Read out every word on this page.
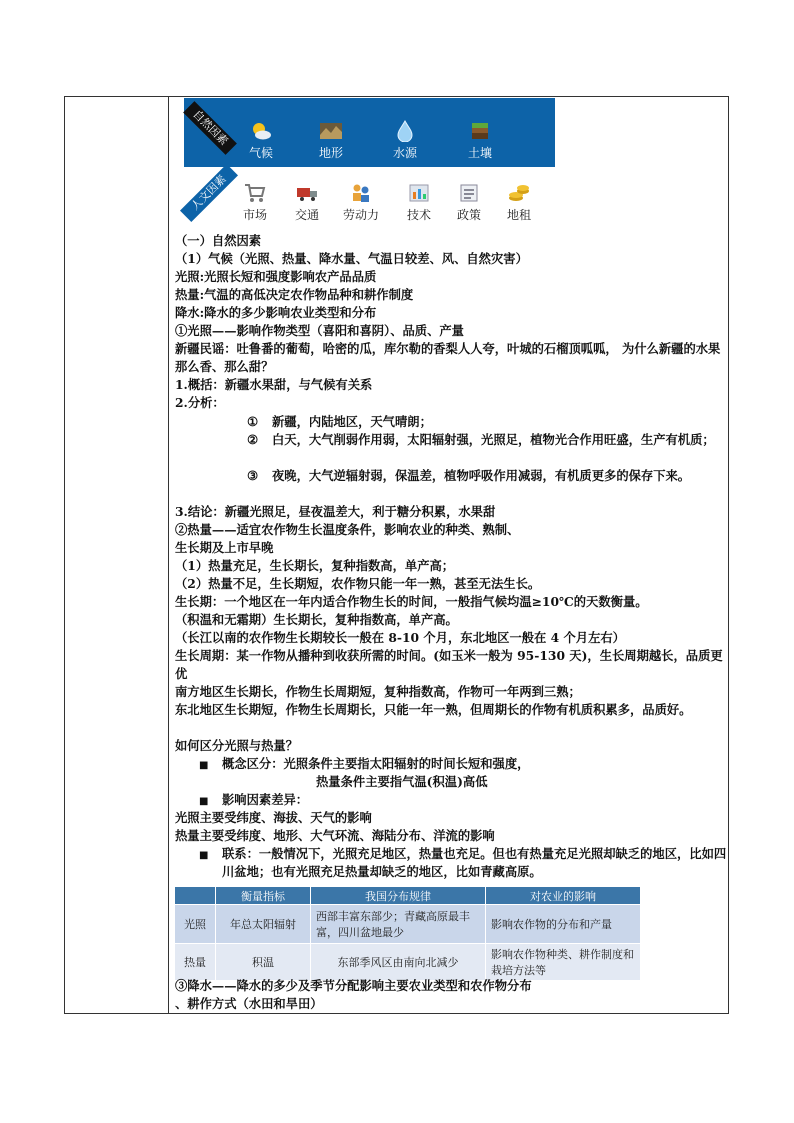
自然因素
人文因素
气候	地形	水源	土壤
市场	交通	劳动力	技术	政策	地租
（一）自然因素
（1）气候（光照、热量、降水量、气温日较差、风、自然灾害）
光照:光照长短和强度影响农产品品质
热量:气温的高低决定农作物品种和耕作制度
降水:降水的多少影响农业类型和分布
①光照——影响作物类型（喜阳和喜阴）、品质、产量
新疆民谣：吐鲁番的葡萄，哈密的瓜，库尔勒的香梨人人夸，叶城的石榴顶呱呱， 为什么新疆的水果那么香、那么甜？
1.概括：新疆水果甜，与气候有关系
2.分析：
① 新疆，内陆地区，天气晴朗；
② 白天，大气削弱作用弱，太阳辐射强，光照足，植物光合作用旺盛，生产有机质；
③ 夜晚，大气逆辐射弱，保温差，植物呼吸作用减弱，有机质更多的保存下来。
3.结论：新疆光照足，昼夜温差大，利于糖分积累，水果甜
②热量——适宜农作物生长温度条件，影响农业的种类、熟制、
生长期及上市早晚
（1）热量充足，生长期长，复种指数高，单产高；
（2）热量不足，生长期短，农作物只能一年一熟，甚至无法生长。
生长期：一个地区在一年内适合作物生长的时间，一般指气候均温≥10℃的天数衡量。
（积温和无霜期）生长期长，复种指数高，单产高。
（长江以南的农作物生长期较长一般在 8-10 个月，东北地区一般在 4 个月左右）
生长周期：某一作物从播种到收获所需的时间。(如玉米一般为 95-130 天)，生长周期越长，品质更优
南方地区生长期长，作物生长周期短，复种指数高，作物可一年两到三熟；
东北地区生长期短，作物生长周期长，只能一年一熟，但周期长的作物有机质积累多，品质好。
如何区分光照与热量？
■ 概念区分：光照条件主要指太阳辐射的时间长短和强度，
热量条件主要指气温(积温)高低
■ 影响因素差异：
光照主要受纬度、海拔、天气的影响
热量主要受纬度、地形、大气环流、海陆分布、洋流的影响
■ 联系：一般情况下，光照充足地区，热量也充足。但也有热量充足光照却缺乏的地区，比如四川盆地；也有光照充足热量却缺乏的地区，比如青藏高原。
	衡量指标	我国分布规律	对农业的影响
光照	年总太阳辐射	西部丰富东部少；青藏高原最丰富，四川盆地最少	影响农作物的分布和产量
热量	积温	东部季风区由南向北减少	影响农作物种类、耕作制度和栽培方法等
③降水——降水的多少及季节分配影响主要农业类型和农作物分布
、耕作方式（水田和旱田）
